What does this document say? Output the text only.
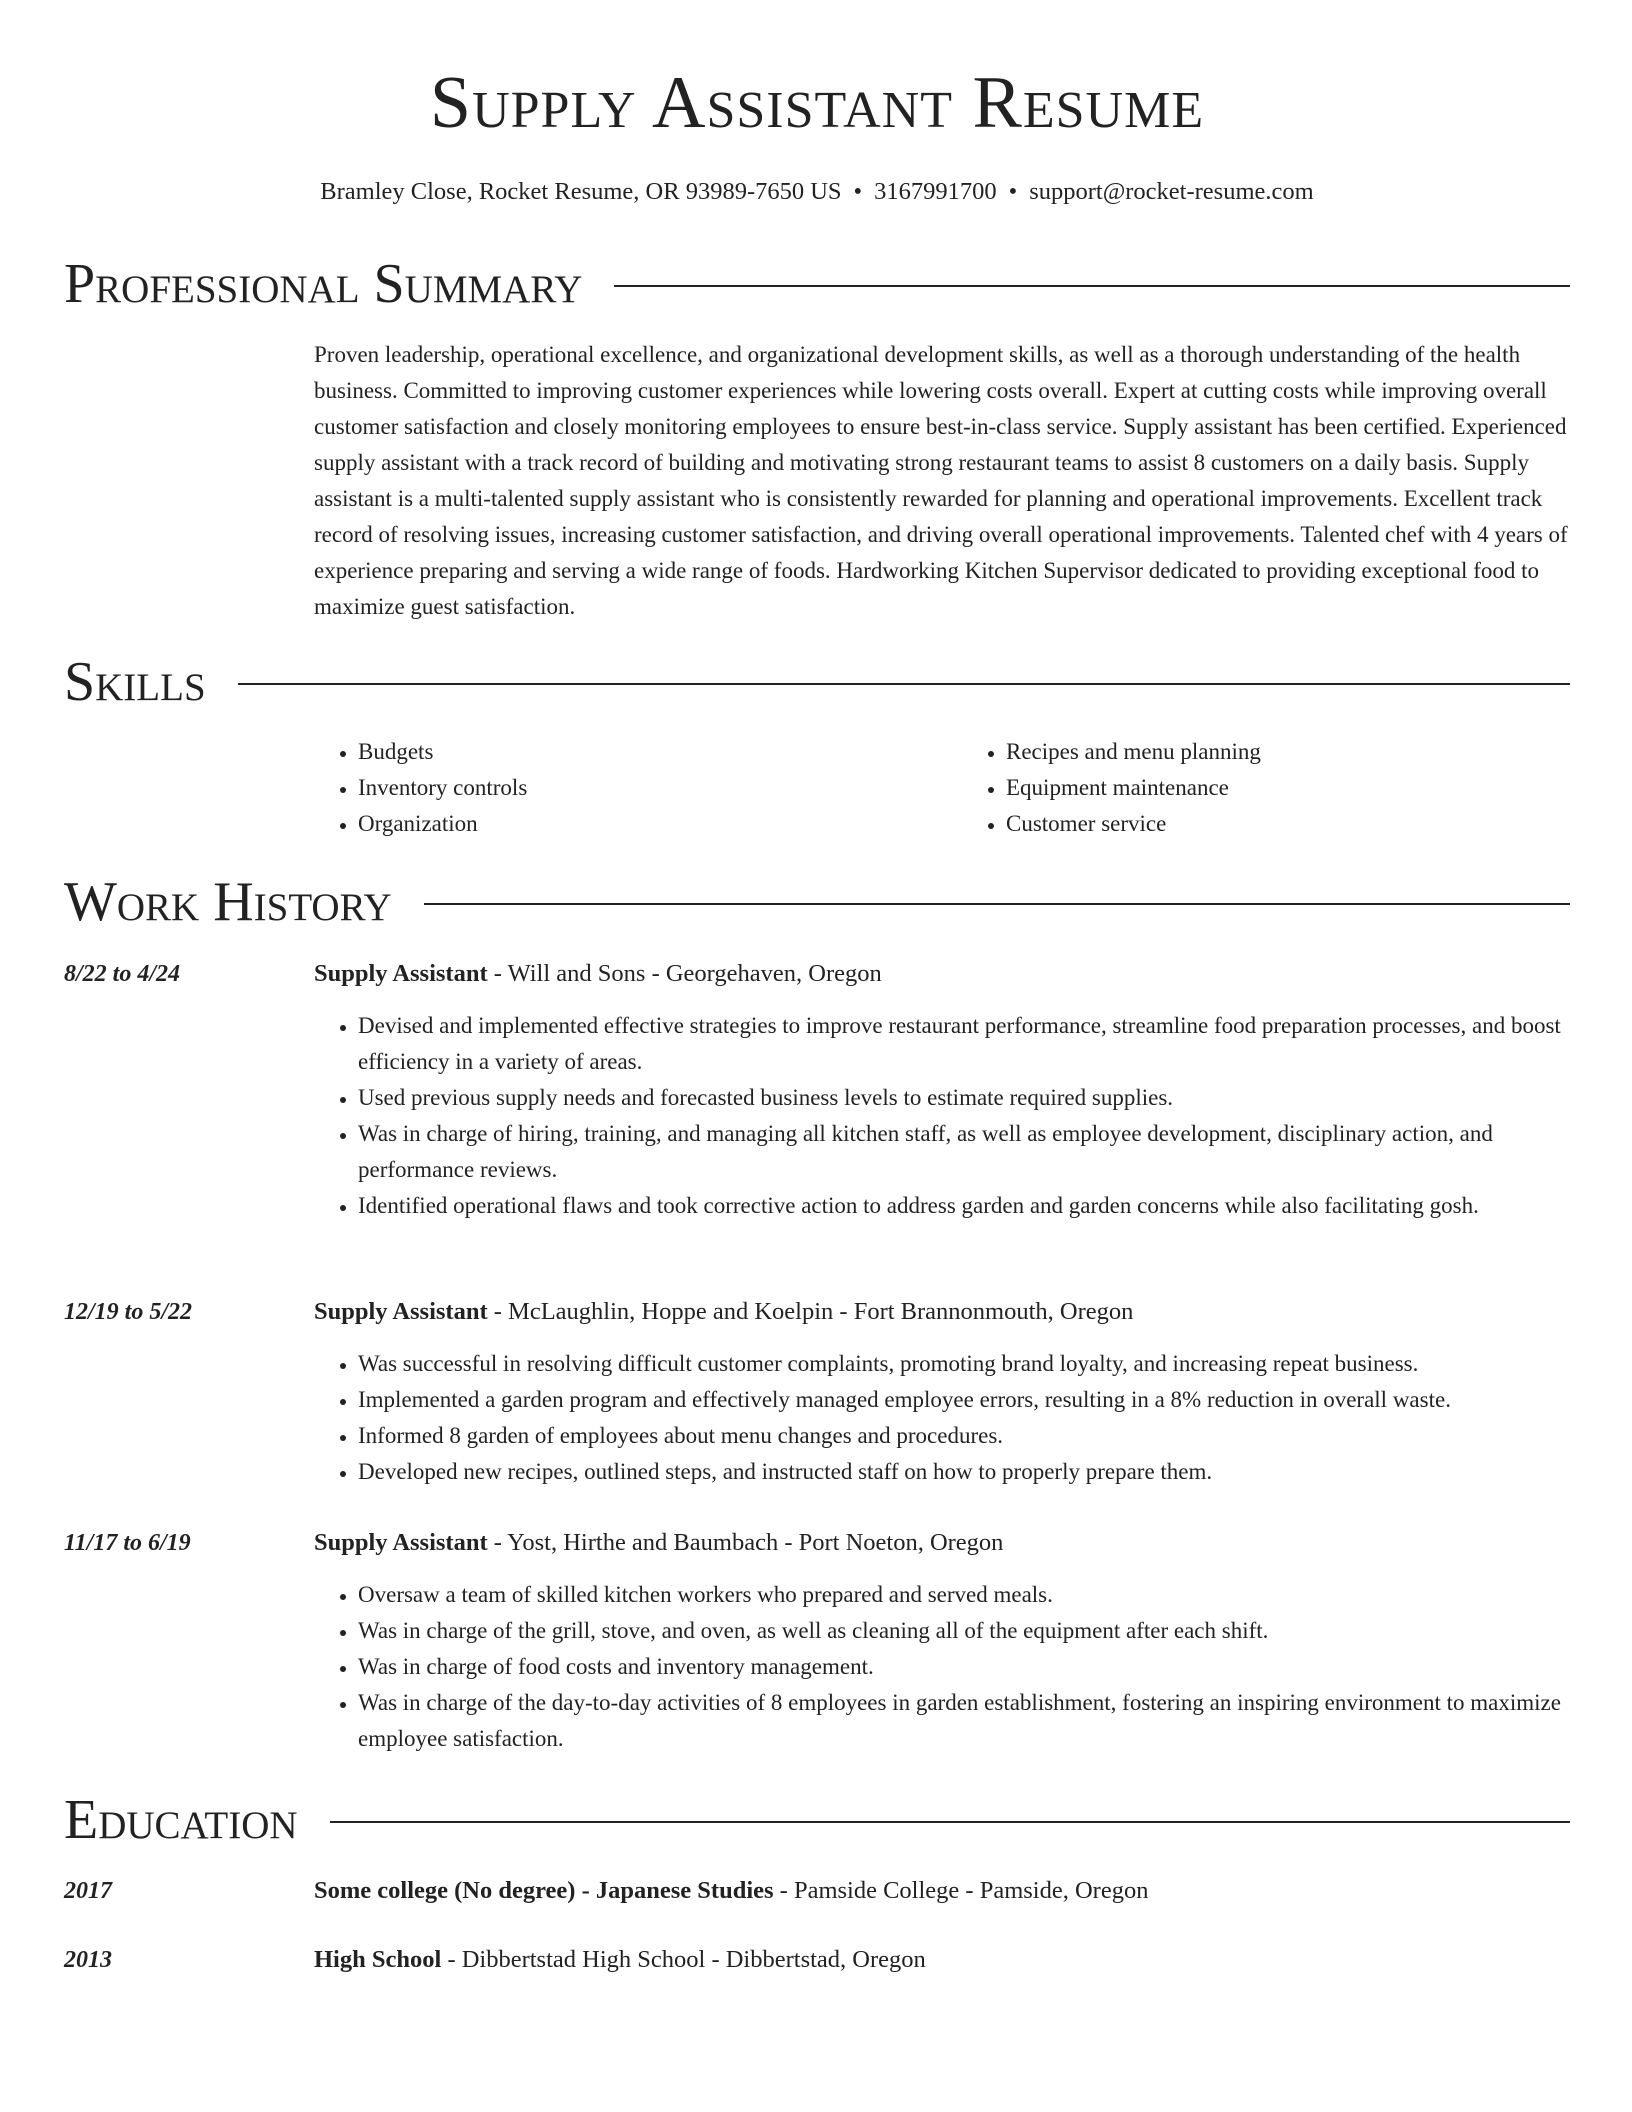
Supply Assistant Resume
Bramley Close, Rocket Resume, OR 93989-7650 US • 3167991700 • support@rocket-resume.com
Professional Summary

Proven leadership, operational excellence, and organizational development skills, as well as a thorough understanding of the health business. Committed to improving customer experiences while lowering costs overall. Expert at cutting costs while improving overall customer satisfaction and closely monitoring employees to ensure best-in-class service. Supply assistant has been certified. Experienced supply assistant with a track record of building and motivating strong restaurant teams to assist 8 customers on a daily basis. Supply assistant is a multi-talented supply assistant who is consistently rewarded for planning and operational improvements. Excellent track record of resolving issues, increasing customer satisfaction, and driving overall operational improvements. Talented chef with 4 years of experience preparing and serving a wide range of foods. Hardworking Kitchen Supervisor dedicated to providing exceptional food to maximize guest satisfaction.

Skills
• Budgets
• Inventory controls
• Organization
• Recipes and menu planning
• Equipment maintenance
• Customer service
Work History
8/22 to 4/24	Supply Assistant - Will and Sons - Georgehaven, Oregon
• Devised and implemented effective strategies to improve restaurant performance, streamline food preparation processes, and boost efficiency in a variety of areas.
• Used previous supply needs and forecasted business levels to estimate required supplies.
• Was in charge of hiring, training, and managing all kitchen staff, as well as employee development, disciplinary action, and performance reviews.
• Identified operational flaws and took corrective action to address garden and garden concerns while also facilitating gosh.
12/19 to 5/22	Supply Assistant - McLaughlin, Hoppe and Koelpin - Fort Brannonmouth, Oregon
• Was successful in resolving difficult customer complaints, promoting brand loyalty, and increasing repeat business.
• Implemented a garden program and effectively managed employee errors, resulting in a 8% reduction in overall waste.
• Informed 8 garden of employees about menu changes and procedures.
• Developed new recipes, outlined steps, and instructed staff on how to properly prepare them.
11/17 to 6/19	Supply Assistant - Yost, Hirthe and Baumbach - Port Noeton, Oregon
• Oversaw a team of skilled kitchen workers who prepared and served meals.
• Was in charge of the grill, stove, and oven, as well as cleaning all of the equipment after each shift.
• Was in charge of food costs and inventory management.
• Was in charge of the day-to-day activities of 8 employees in garden establishment, fostering an inspiring environment to maximize employee satisfaction.
Education
2017	Some college (No degree) - Japanese Studies - Pamside College - Pamside, Oregon
2013	High School - Dibbertstad High School - Dibbertstad, Oregon
